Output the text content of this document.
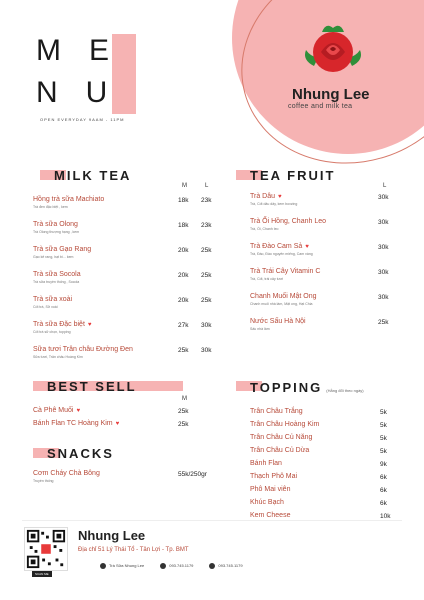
ME
NU
OPEN EVERYDAY 9AAM - 11PM
Nhung Lee
coffee and milk tea
MILK TEA
M	L
Hồng trà sữa Machiato
Trà đen đặc biệt , kem
18k 23k
Trà sữa Olong
Trà Olong thượng hạng , kem
18k 23k
Trà sữa Gạo Rang
Gạo kê rang, hạt bí... kem
20k 25k
Trà sữa Socola
Trà sữa truyền thống , Socola
20k 25k
Trà sữa xoài
Cốt trà, Sữ xoài
20k 25k
Trà sữa Đặc biệt ♥
Cốt trà sữ chọn, topping
27k 30k
Sữa tươi Trân châu Đường Đen
Sữa tươi, Trân châu Hoàng Kim
25k 30k
TEA FRUIT
L
Trà Dâu ♥
Trà, Cốt dâu dây, kem boxzing
30k
Trà Ổi Hồng, Chanh Leo
Trà, Ổi, Chanh leo
30k
Trà Đào Cam Sả ♥
Trà, Đào, Đào nguyên miếng, Cam vàng
30k
Trà Trái Cây Vitamin C
Trà, Cốt, trái cây tươi
30k
Chanh Muối Mật Ong
Chanh muối nhà làm, Mật ong, Hạt Chia
30k
Nước Sấu Hà Nội
Sấu nhà làm
25k
BEST SELL
M
Cà Phê Muối ♥	25k
Bánh Flan TC Hoàng Kim ♥	25k
SNACKS
Cơm Cháy Chà Bông
Truyền thống
55k/250gr
TOPPING (Hằng đổi theo ngày)
Trân Châu Trắng	5k
Trân Châu Hoàng Kim	5k
Trân Châu Củ Năng	5k
Trân Châu Củ Dừa	5k
Bánh Flan	9k
Thạch Phô Mai	6k
Phô Mai viên	6k
Khúc Bạch	6k
Kem Cheese	10k
SCAN ME
Nhung Lee
Địa chỉ 51 Lý Thái Tổ - Tân Lợi - Tp. BMT
Trà Sữa Nhung Lee	093.745.1179	093.745.1179
